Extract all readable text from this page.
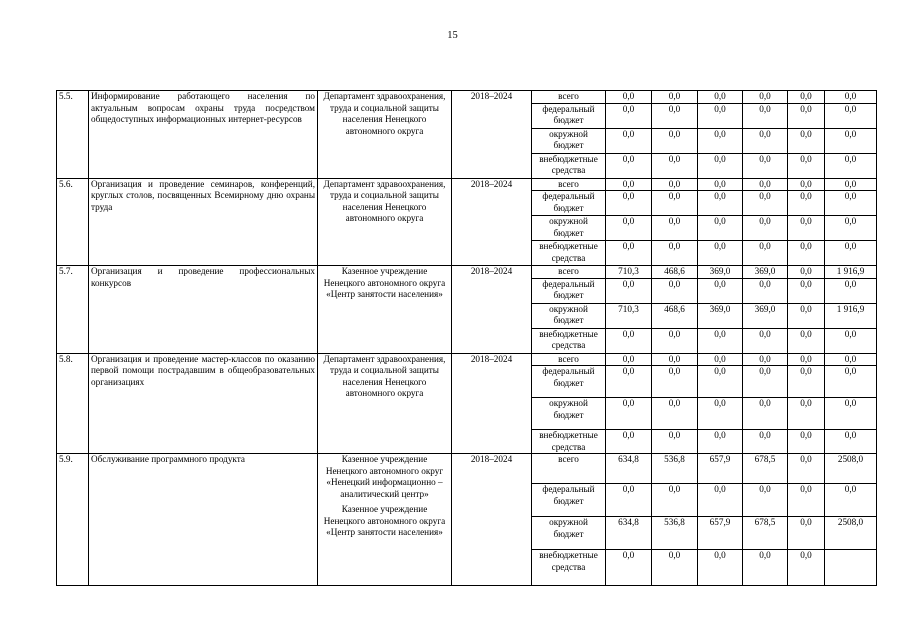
15
5.5.	Информирование работающего населения по актуальным вопросам охраны труда посредством общедоступных информационных интернет-ресурсов	Департамент здравоохранения, труда и социальной защиты населения Ненецкого автономного округа	2018–2024	всего	0,0	0,0	0,0	0,0	0,0	0,0
				федеральный бюджет	0,0	0,0	0,0	0,0	0,0	0,0
				окружной бюджет	0,0	0,0	0,0	0,0	0,0	0,0
				внебюджетные средства	0,0	0,0	0,0	0,0	0,0	0,0
5.6.	Организация и проведение семинаров, конференций, круглых столов, посвященных Всемирному дню охраны труда	Департамент здравоохранения, труда и социальной защиты населения Ненецкого автономного округа	2018–2024	всего	0,0	0,0	0,0	0,0	0,0	0,0
				федеральный бюджет	0,0	0,0	0,0	0,0	0,0	0,0
				окружной бюджет	0,0	0,0	0,0	0,0	0,0	0,0
				внебюджетные средства	0,0	0,0	0,0	0,0	0,0	0,0
5.7.	Организация и проведение профессиональных конкурсов	Казенное учреждение Ненецкого автономного округа «Центр занятости населения»	2018–2024	всего	710,3	468,6	369,0	369,0	0,0	1 916,9
				федеральный бюджет	0,0	0,0	0,0	0,0	0,0	0,0
				окружной бюджет	710,3	468,6	369,0	369,0	0,0	1 916,9
				внебюджетные средства	0,0	0,0	0,0	0,0	0,0	0,0
5.8.	Организация и проведение мастер-классов по оказанию первой помощи пострадавшим в общеобразовательных организациях	Департамент здравоохранения, труда и социальной защиты населения Ненецкого автономного округа	2018–2024	всего	0,0	0,0	0,0	0,0	0,0	0,0
				федеральный бюджет	0,0	0,0	0,0	0,0	0,0	0,0
				окружной бюджет	0,0	0,0	0,0	0,0	0,0	0,0
				внебюджетные средства	0,0	0,0	0,0	0,0	0,0	0,0
5.9.	Обслуживание программного продукта	Казенное учреждение Ненецкого автономного округ «Ненецкий информационно – аналитический центр»
Казенное учреждение Ненецкого автономного округа «Центр занятости населения»	2018–2024	всего	634,8	536,8	657,9	678,5	0,0	2508,0
				федеральный бюджет	0,0	0,0	0,0	0,0	0,0	0,0
				окружной бюджет	634,8	536,8	657,9	678,5	0,0	2508,0
				внебюджетные средства	0,0	0,0	0,0	0,0	0,0	
